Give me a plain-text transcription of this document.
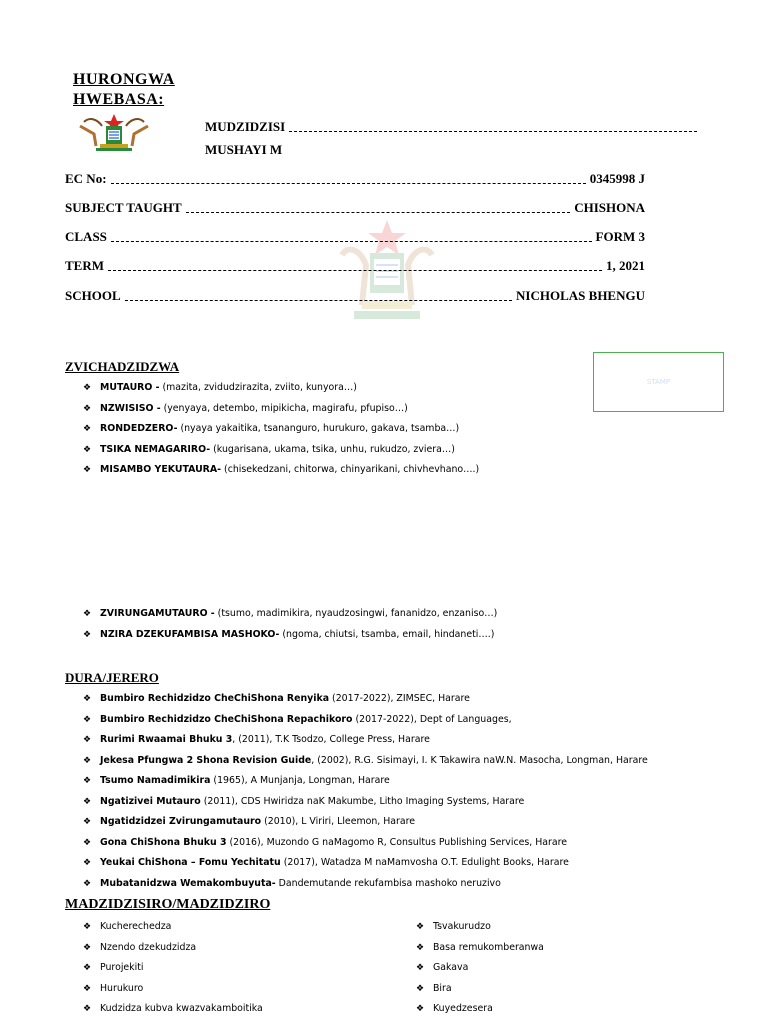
HURONGWA
HWEBASA:
MUDZIDZISI
MUSHAYI M
EC No:	0345998 J
SUBJECT TAUGHT	CHISHONA
CLASS	FORM 3
TERM	1, 2021
SCHOOL	NICHOLAS BHENGU
STAMP
ZVICHADZIDZWA
❖ MUTAURO - (mazita, zvidudzirazita, zviito, kunyora…)
❖ NZWISISO - (yenyaya, detembo, mipikicha, magirafu, pfupiso…)
❖ RONDEDZERO- (nyaya yakaitika, tsananguro, hurukuro, gakava, tsamba…)
❖ TSIKA NEMAGARIRO- (kugarisana, ukama, tsika, unhu, rukudzo, zviera…)
❖ MISAMBO YEKUTAURA- (chisekedzani, chitorwa, chinyarikani, chivhevhano….)
❖ ZVIRUNGAMUTAURO - (tsumo, madimikira, nyaudzosingwi, fananidzo, enzaniso…)
❖ NZIRA DZEKUFAMBISA MASHOKO- (ngoma, chiutsi, tsamba, email, hindaneti….)
DURA/JERERO
❖ Bumbiro Rechidzidzo CheChiShona Renyika (2017-2022), ZIMSEC, Harare
❖ Bumbiro Rechidzidzo CheChiShona Repachikoro (2017-2022), Dept of Languages,
❖ Rurimi Rwaamai Bhuku 3, (2011), T.K Tsodzo, College Press, Harare
❖ Jekesa Pfungwa 2 Shona Revision Guide, (2002), R.G. Sisimayi, I. K Takawira naW.N. Masocha, Longman, Harare
❖ Tsumo Namadimikira (1965), A Munjanja, Longman, Harare
❖ Ngatizivei Mutauro (2011), CDS Hwiridza naK Makumbe, Litho Imaging Systems, Harare
❖ Ngatidzidzei Zvirungamutauro (2010), L Viriri, Lleemon, Harare
❖ Gona ChiShona Bhuku 3 (2016), Muzondo G naMagomo R, Consultus Publishing Services, Harare
❖ Yeukai ChiShona – Fomu Yechitatu (2017), Watadza M naMamvosha O.T. Edulight Books, Harare
❖ Mubatanidzwa Wemakombuyuta- Dandemutande rekufambisa mashoko neruzivo
MADZIDZISIRO/MADZIDZIRO
❖ Kucherechedza
❖ Nzendo dzekudzidza
❖ Purojekiti
❖ Hurukuro
❖ Kudzidza kubva kwazvakamboitika
❖ Tsvakurudzo
❖ Basa remukomberanwa
❖ Gakava
❖ Bira
❖ Kuyedzesera
